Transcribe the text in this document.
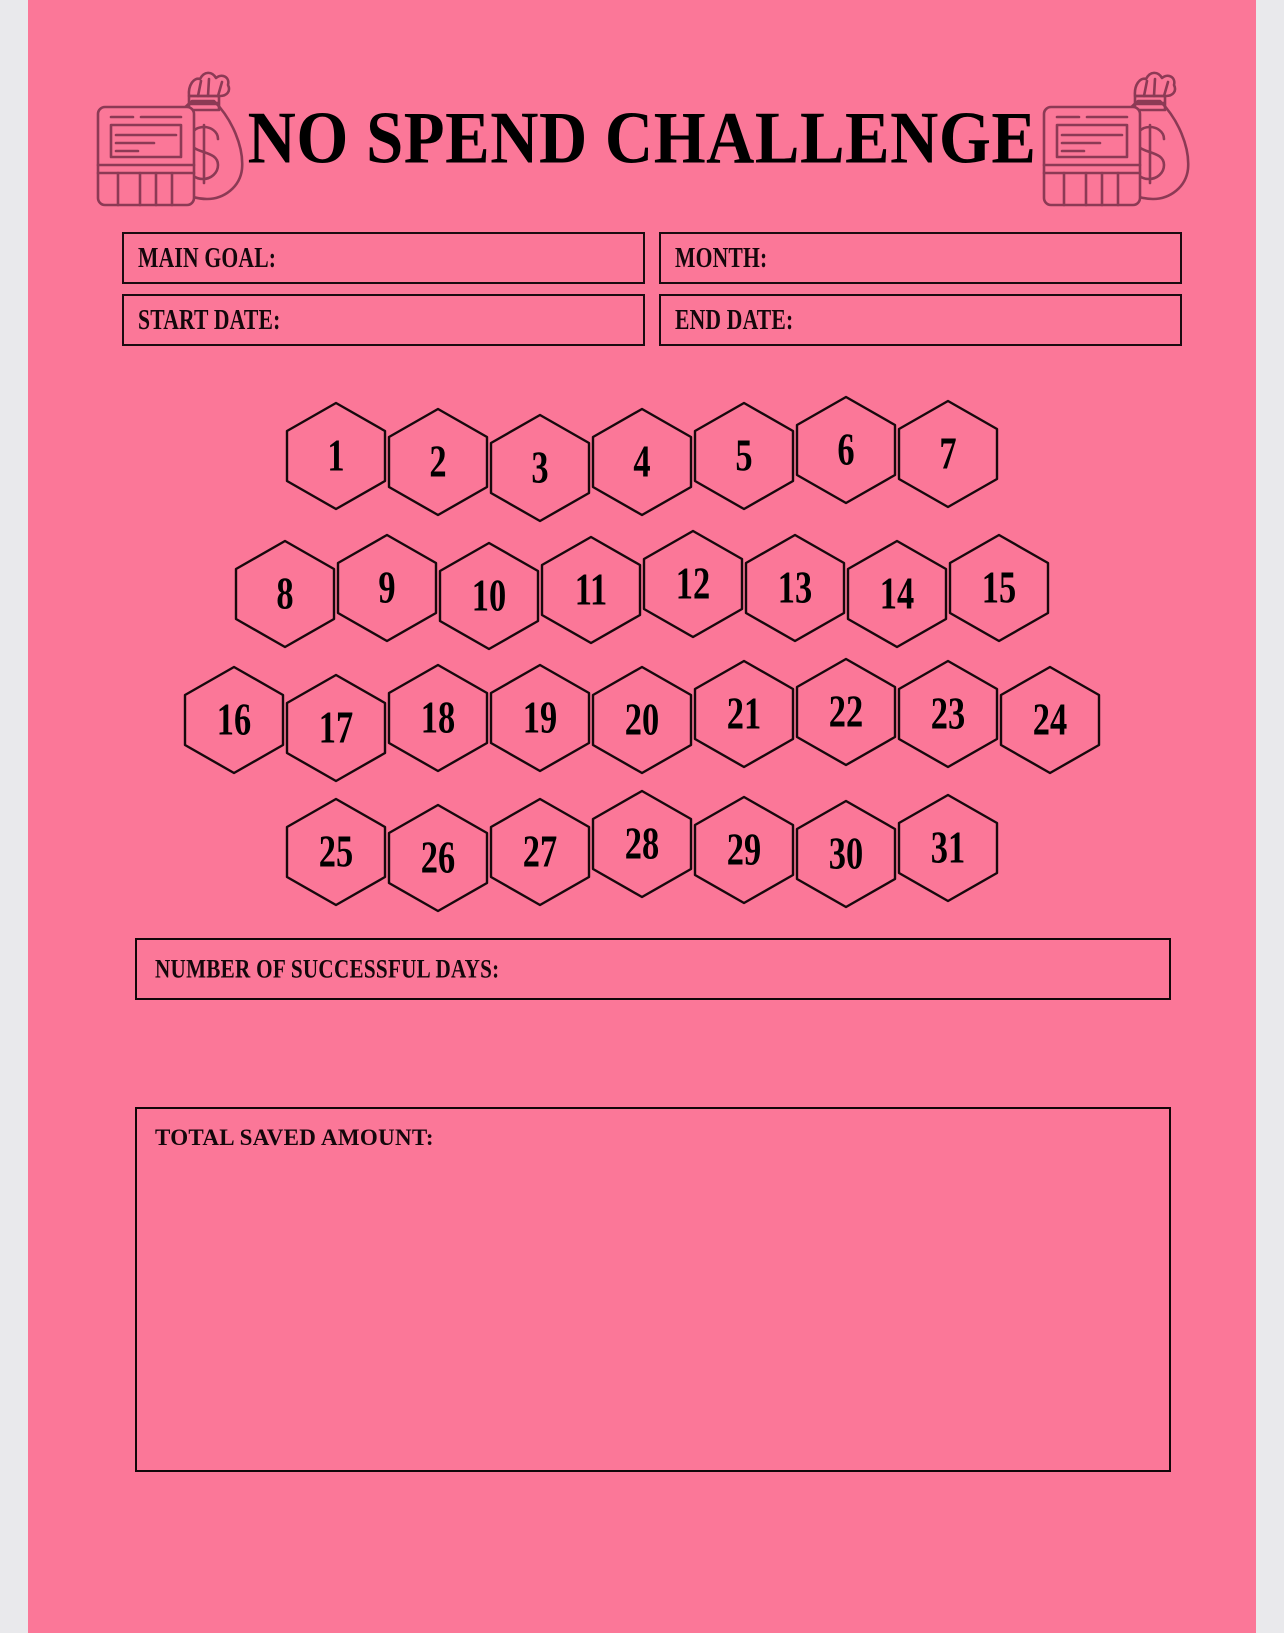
NO SPEND CHALLENGE
MAIN GOAL:	MONTH:
START DATE:	END DATE:
1	2	3	4	5	6	7
8	9	10	11	12	13	14	15
16	17	18	19	20	21	22	23	24
25	26	27	28	29	30	31
NUMBER OF SUCCESSFUL DAYS:
TOTAL SAVED AMOUNT:
